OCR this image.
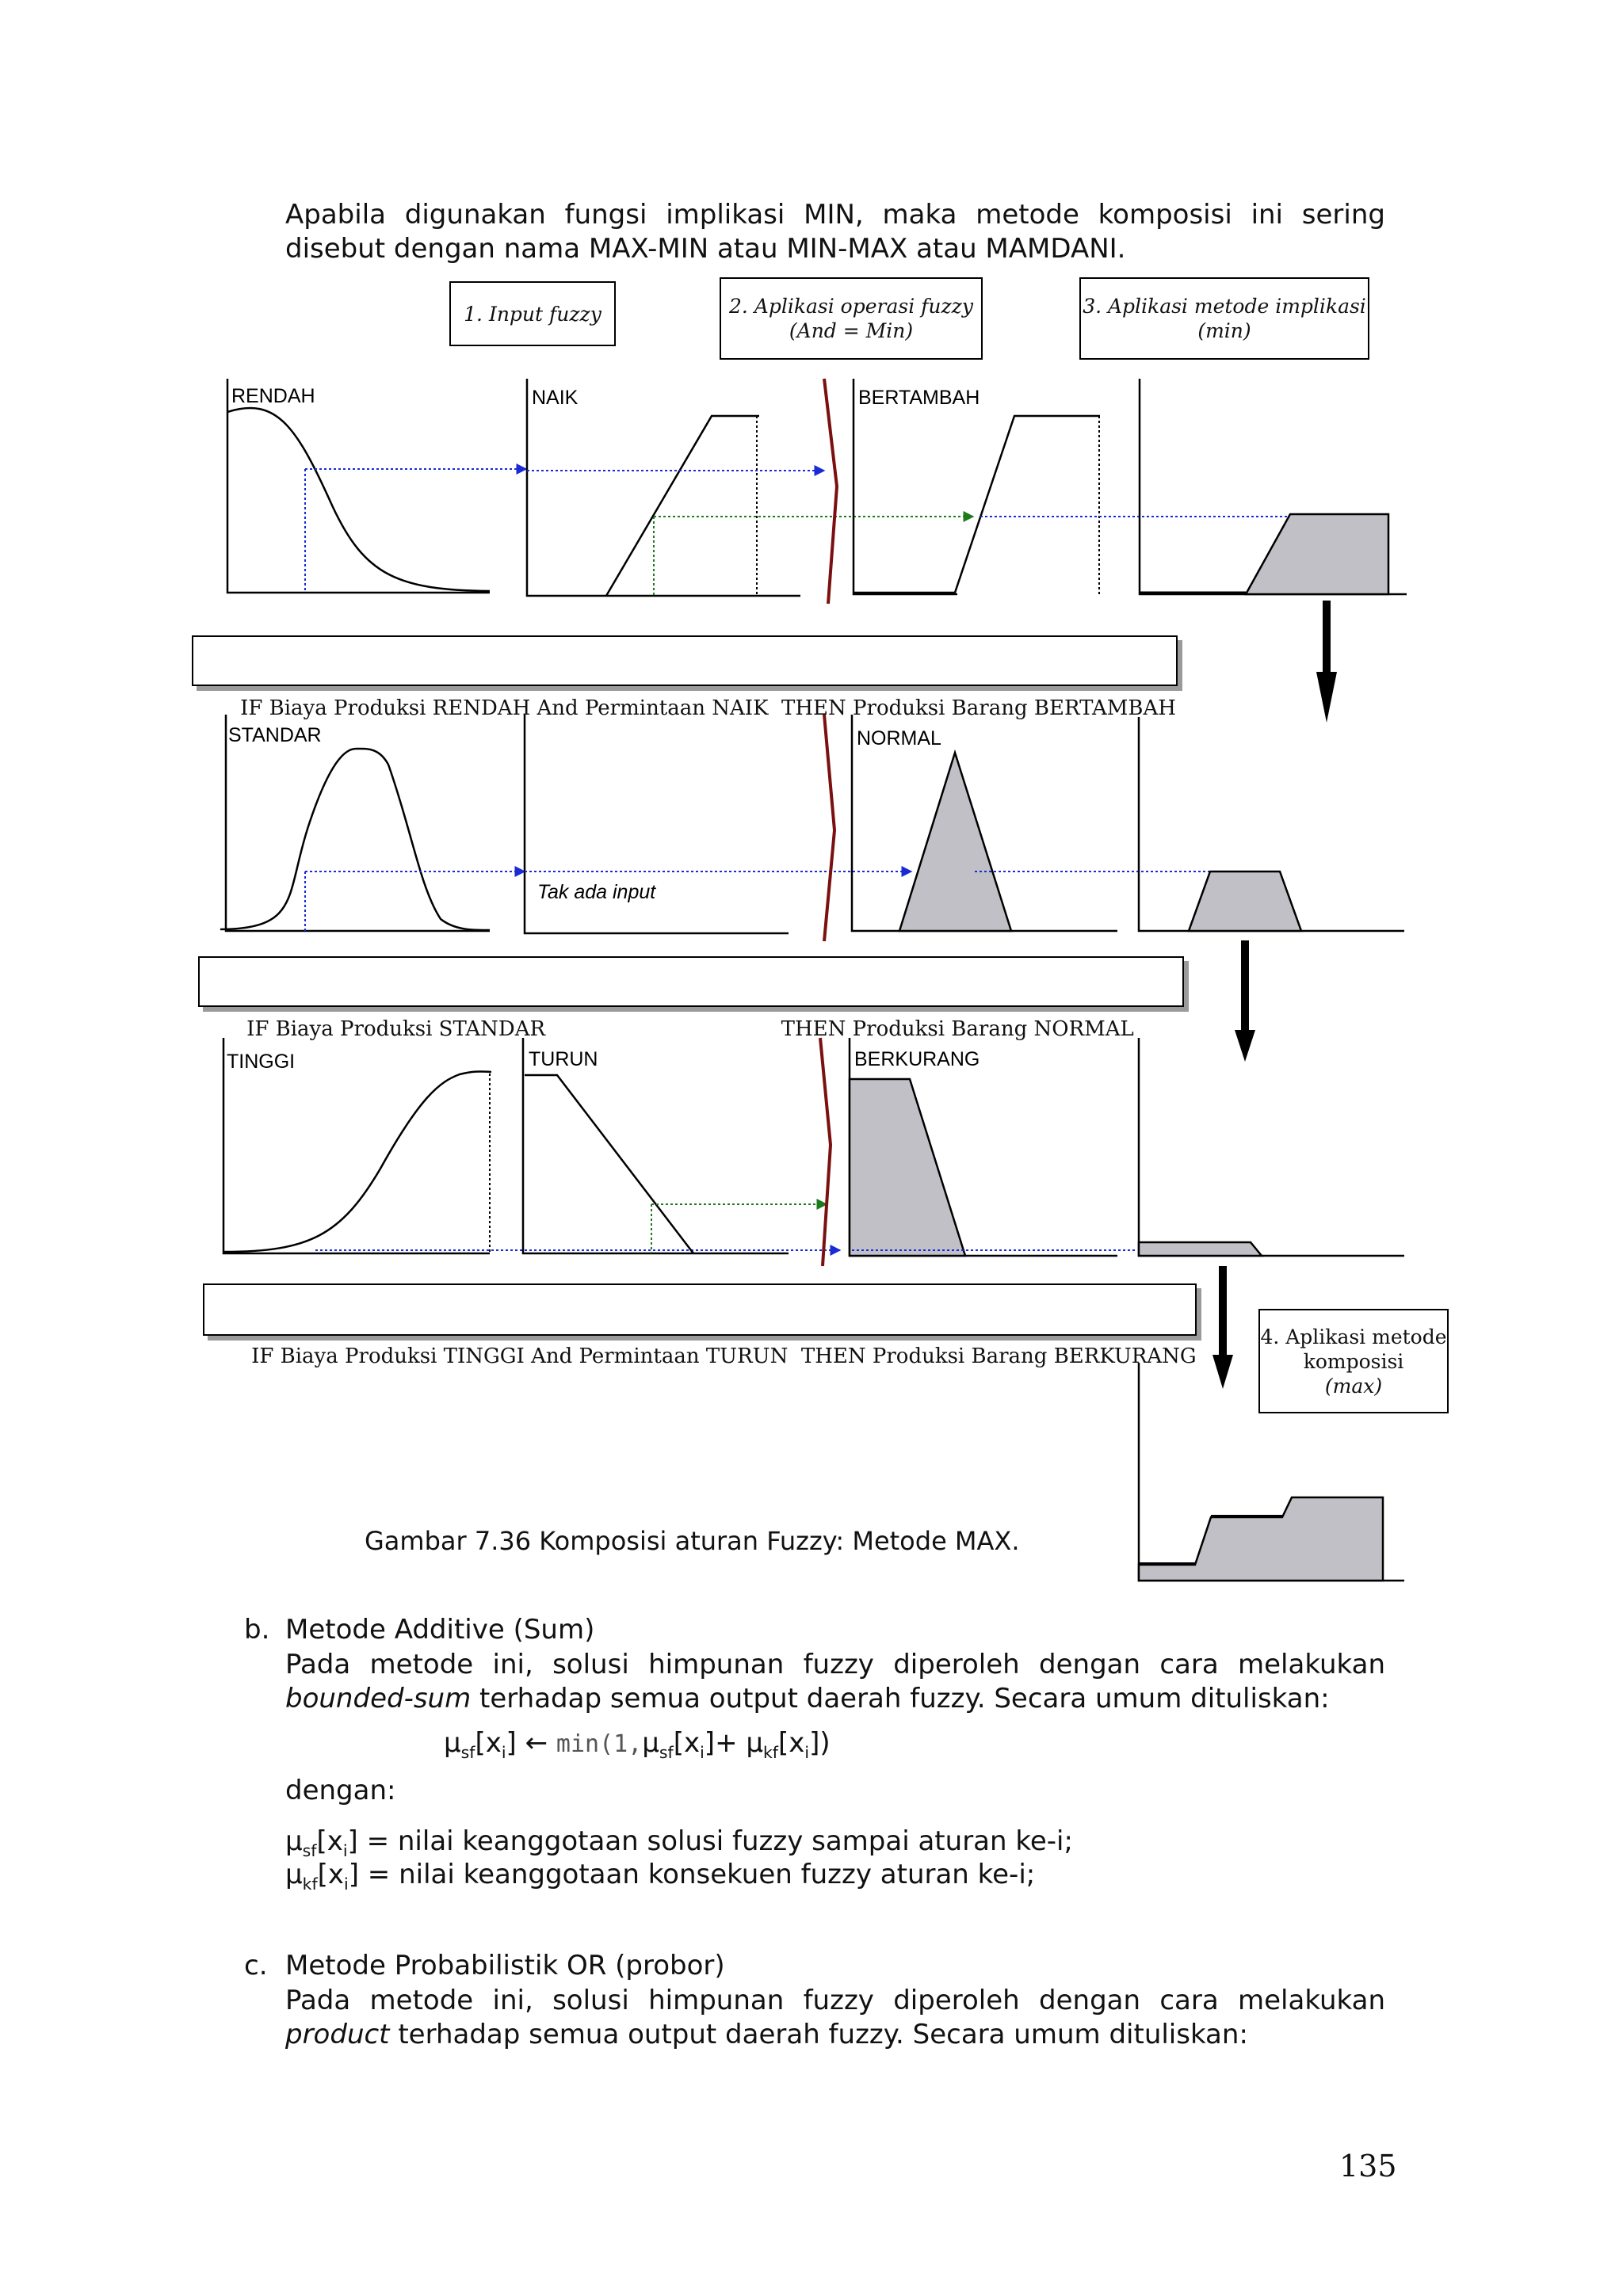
Apabila digunakan fungsi implikasi MIN, maka metode komposisi ini sering
disebut dengan nama MAX-MIN atau MIN-MAX atau MAMDANI.
1. Input fuzzy	2. Aplikasi operasi fuzzy
(And = Min)
3. Aplikasi metode implikasi
(min)
4. Aplikasi metode
komposisi
(max)
RENDAH	NAIK	BERTAMBAH
STANDAR	NORMAL
Tak ada input
TINGGI	TURUN	BERKURANG

IF Biaya Produksi RENDAH And Permintaan NAIK  THEN Produksi Barang BERTAMBAH

IF Biaya Produksi STANDAR                                    THEN Produksi Barang NORMAL

IF Biaya Produksi TINGGI And Permintaan TURUN  THEN Produksi Barang BERKURANG

Gambar 7.36 Komposisi aturan Fuzzy: Metode MAX.
b. Metode Additive (Sum)
Pada metode ini, solusi himpunan fuzzy diperoleh dengan cara melakukan
bounded-sum terhadap semua output daerah fuzzy. Secara umum dituliskan:
$\mu_{sf}[x_i]$ ← $\min(1,\mu_{sf}[x_i]+ \mu_{kf}[x_i])$
dengan:
$\mu_{sf}[x_i]$ = nilai keanggotaan solusi fuzzy sampai aturan ke-i;
$\mu_{kf}[x_i]$ = nilai keanggotaan konsekuen fuzzy aturan ke-i;
c. Metode Probabilistik OR (probor)
Pada metode ini, solusi himpunan fuzzy diperoleh dengan cara melakukan
product terhadap semua output daerah fuzzy. Secara umum dituliskan:
135
